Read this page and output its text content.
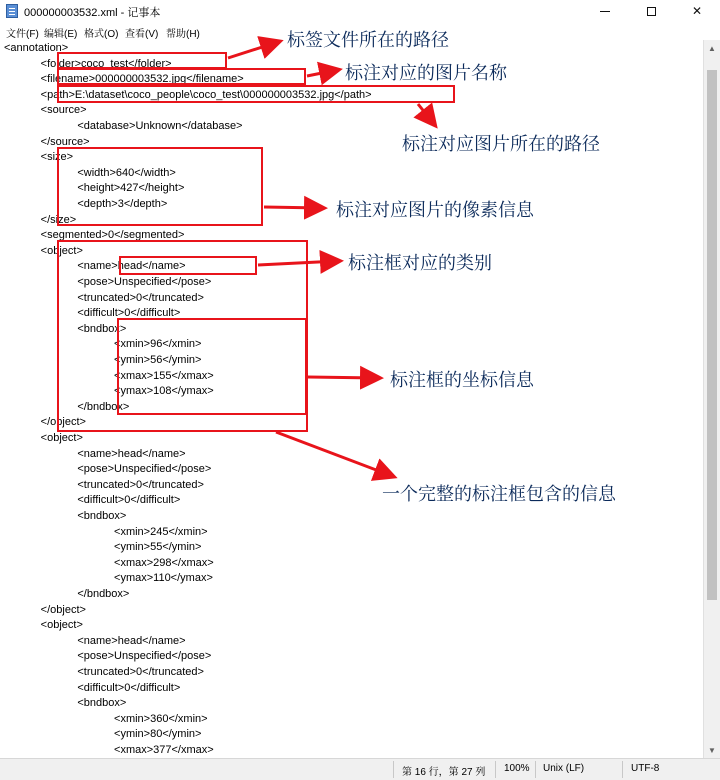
000000003532.xml - 记事本	✕
文件(F) 编辑(E) 格式(O) 查看(V) 帮助(H)
<annotation>
<folder>coco_test</folder>
<filename>000000003532.jpg</filename>
<path>E:\dataset\coco_people\coco_test\000000003532.jpg</path>
<source>
<database>Unknown</database>
</source>
<size>
<width>640</width>
<height>427</height>
<depth>3</depth>
</size>
<segmented>0</segmented>
<object>
<name>head</name>
<pose>Unspecified</pose>
<truncated>0</truncated>
<difficult>0</difficult>
<bndbox>
<xmin>96</xmin>
<ymin>56</ymin>
<xmax>155</xmax>
<ymax>108</ymax>
</bndbox>
</object>
<object>
<name>head</name>
<pose>Unspecified</pose>
<truncated>0</truncated>
<difficult>0</difficult>
<bndbox>
<xmin>245</xmin>
<ymin>55</ymin>
<xmax>298</xmax>
<ymax>110</ymax>
</bndbox>
</object>
<object>
<name>head</name>
<pose>Unspecified</pose>
<truncated>0</truncated>
<difficult>0</difficult>
<bndbox>
<xmin>360</xmin>
<ymin>80</ymin>
<xmax>377</xmax>
▲
▼
第 16 行，第 27 列 100% Unix (LF)	UTF-8
标签文件所在的路径
标注对应的图片名称
标注对应图片所在的路径
标注对应图片的像素信息
标注框对应的类别
标注框的坐标信息
一个完整的标注框包含的信息
